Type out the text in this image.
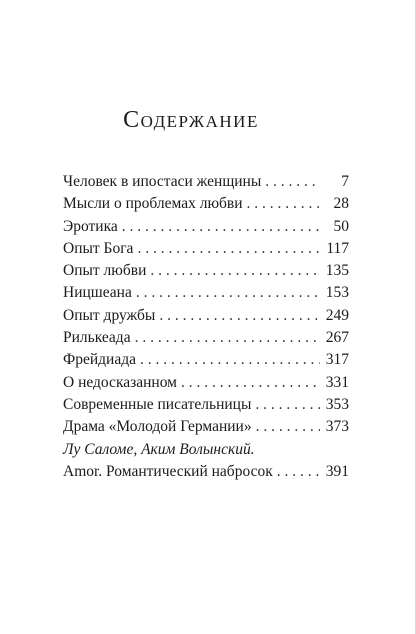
Содержание
Человек в ипостаси женщины . . .	7
Мысли о проблемах любви . . .	28
Эротика . . .	50
Опыт Бога . . .	117
Опыт любви . . .	135
Ницшеана . . .	153
Опыт дружбы . . .	249
Рилькеада . . .	267
Фрейдиада . . .	317
О недосказанном . . .	331
Современные писательницы . . .	353
Драма «Молодой Германии» . . .	373
Лу Саломе, Аким Волынский.
Amor. Романтический набросок . . .	391
